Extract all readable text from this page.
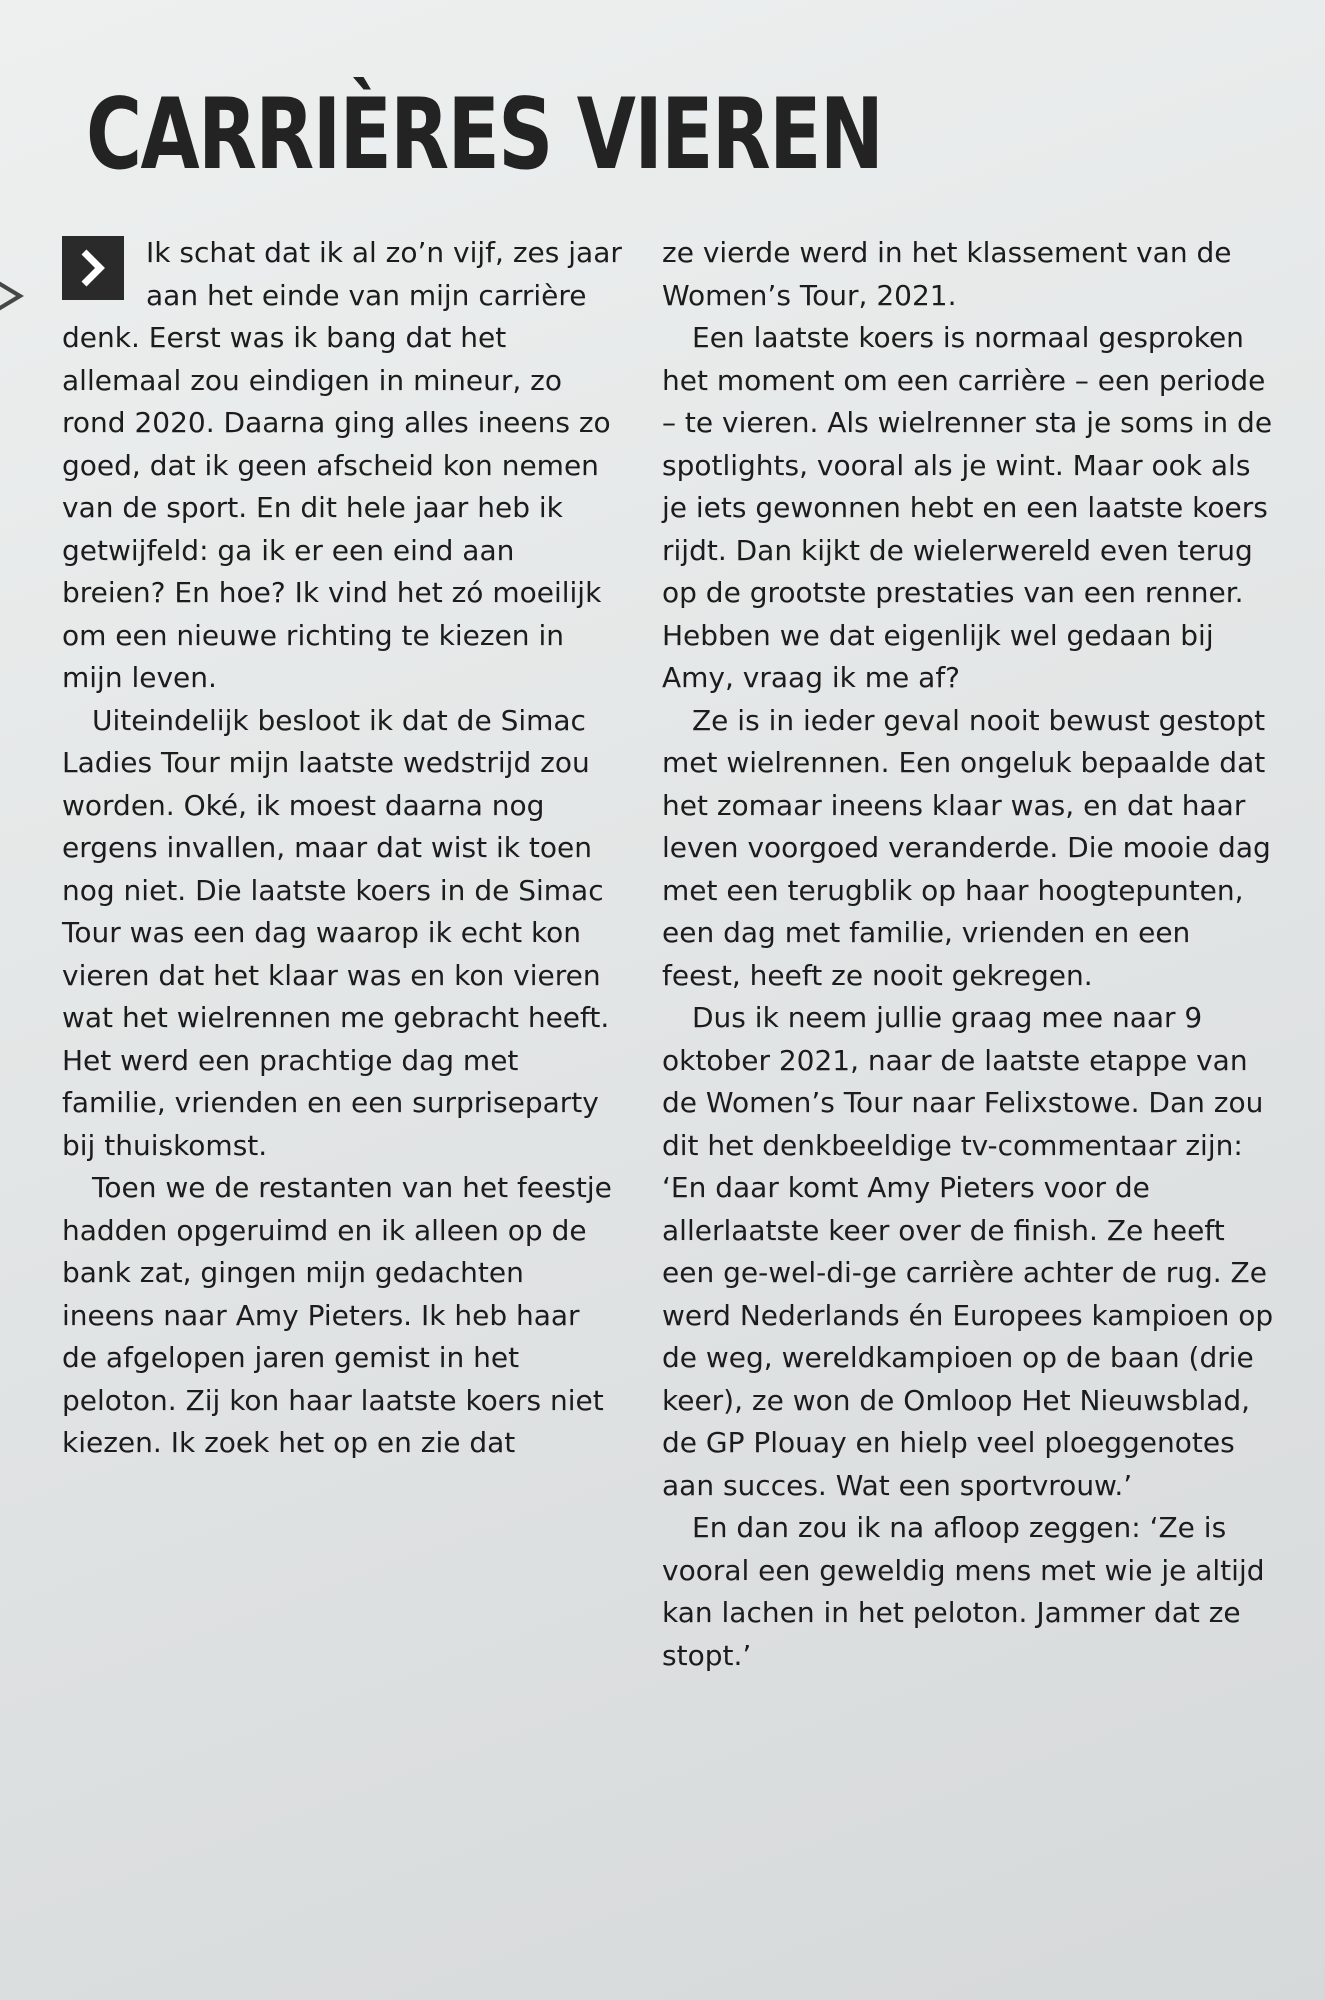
CARRIÈRES VIEREN

Ik schat dat ik al zo’n vijf, zes jaar aan het einde van mijn carrière denk. Eerst was ik bang dat het allemaal zou eindigen in mineur, zo rond 2020. Daarna ging alles ineens zo goed, dat ik geen afscheid kon nemen van de sport. En dit hele jaar heb ik getwijfeld: ga ik er een eind aan breien? En hoe? Ik vind het zó moeilijk om een nieuwe richting te kiezen in mijn leven.

Uiteindelijk besloot ik dat de Simac Ladies Tour mijn laatste wedstrijd zou worden. Oké, ik moest daarna nog ergens invallen, maar dat wist ik toen nog niet. Die laatste koers in de Simac Tour was een dag waarop ik echt kon vieren dat het klaar was en kon vieren wat het wielrennen me gebracht heeft. Het werd een prachtige dag met familie, vrienden en een surpriseparty bij thuiskomst.

Toen we de restanten van het feestje hadden opgeruimd en ik alleen op de bank zat, gingen mijn gedachten ineens naar Amy Pieters. Ik heb haar de afgelopen jaren gemist in het peloton. Zij kon haar laatste koers niet kiezen. Ik zoek het op en zie dat

ze vierde werd in het klassement van de Women’s Tour, 2021.

Een laatste koers is normaal gesproken het moment om een carrière – een periode – te vieren. Als wielrenner sta je soms in de spotlights, vooral als je wint. Maar ook als je iets gewonnen hebt en een laatste koers rijdt. Dan kijkt de wielerwereld even terug op de grootste prestaties van een renner. Hebben we dat eigenlijk wel gedaan bij Amy, vraag ik me af?

Ze is in ieder geval nooit bewust gestopt met wielrennen. Een ongeluk bepaalde dat het zomaar ineens klaar was, en dat haar leven voorgoed veranderde. Die mooie dag met een terugblik op haar hoogtepunten, een dag met familie, vrienden en een feest, heeft ze nooit gekregen.

Dus ik neem jullie graag mee naar 9 oktober 2021, naar de laatste etappe van de Women’s Tour naar Felixstowe. Dan zou dit het denkbeeldige tv-commentaar zijn: ‘En daar komt Amy Pieters voor de allerlaatste keer over de finish. Ze heeft een ge-wel-di-ge carrière achter de rug. Ze werd Nederlands én Europees kampioen op de weg, wereldkampioen op de baan (drie keer), ze won de Omloop Het Nieuwsblad, de GP Plouay en hielp veel ploeggenotes aan succes. Wat een sportvrouw.’

En dan zou ik na afloop zeggen: ‘Ze is vooral een geweldig mens met wie je altijd kan lachen in het peloton. Jammer dat ze stopt.’
